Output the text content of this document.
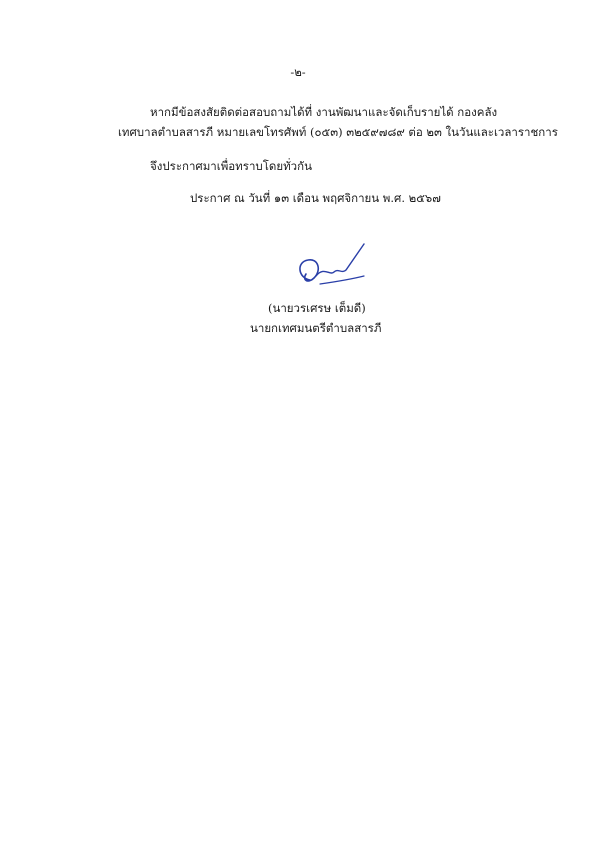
-๒-
หากมีข้อสงสัยติดต่อสอบถามได้ที่ งานพัฒนาและจัดเก็บรายได้ กองคลัง
เทศบาลตำบลสารภี หมายเลขโทรศัพท์ (๐๕๓) ๓๒๕๙๗๘๙ ต่อ ๒๓ ในวันและเวลาราชการ
จึงประกาศมาเพื่อทราบโดยทั่วกัน
ประกาศ ณ วันที่ ๑๓ เดือน พฤศจิกายน พ.ศ. ๒๕๖๗
(นายวรเศรษ เต็มดี)
นายกเทศมนตรีตำบลสารภี
